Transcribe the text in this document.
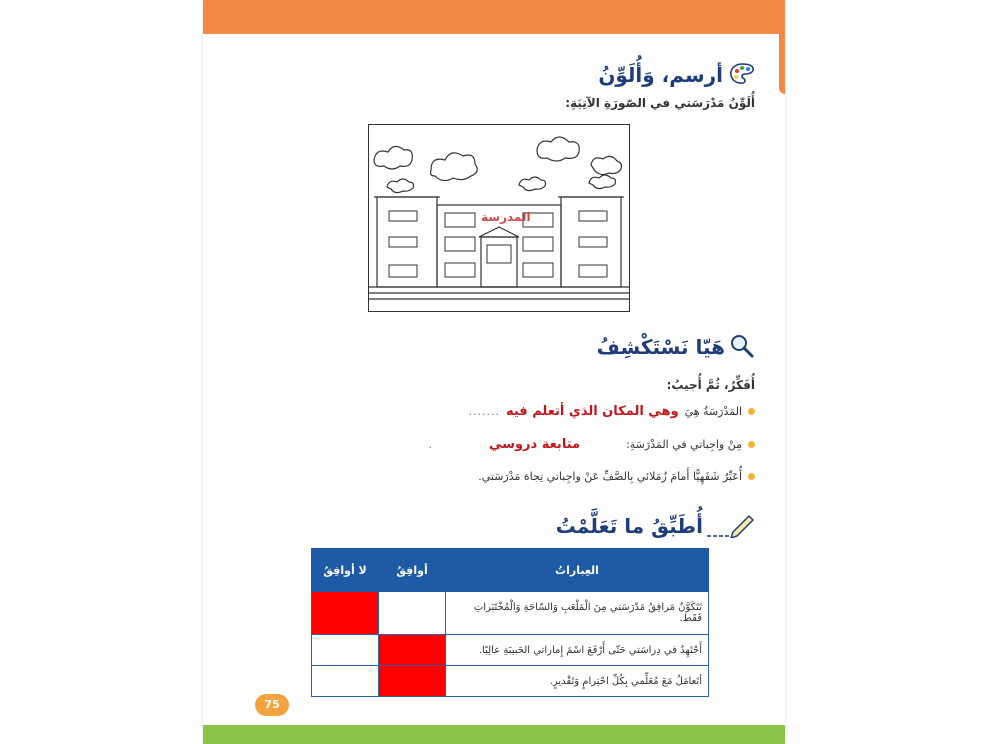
أرسم، وَأُلَوِّنُ
أُلَوِّنُ مَدْرَسَتي في الصّورَةِ الآتِيَةِ:
المدرسة
هَيّا نَسْتَكْشِفُ
أُفَكِّرُ، ثُمَّ أُجيبُ:
المَدْرَسَةُ هِيَ
وهي المكان الذي أتعلم فيه
.......
مِنْ واجِباتي في المَدْرَسَةِ:
متابعة دروسي
.
أُعَبِّرُ شَفَهِيًّا أَمامَ زُمَلائي بِالصَّفِّ عَنْ واجِباتي تِجاهَ مَدْرَسَتي.
أُطَبِّقُ ما تَعَلَّمْتُ
العِباراتُ	أوافِقُ	لا أوافِقُ
تَتَكَوَّنُ مَرافِقُ مَدْرَسَتي مِنَ الْمَلْعَبِ وَالسّاحَةِ وَالْمُخْتَبَراتِ فَقَط.		
أَجْتَهِدُ في دِراسَتي حَتّى أَرْفَعَ اسْمَ إِماراتي الحَبيبَةِ عالِيًا.		
أتَعامَلُ مَعَ مُعَلِّمي بِكُلِّ احْتِرامٍ وَتَقْديرٍ.		
75
